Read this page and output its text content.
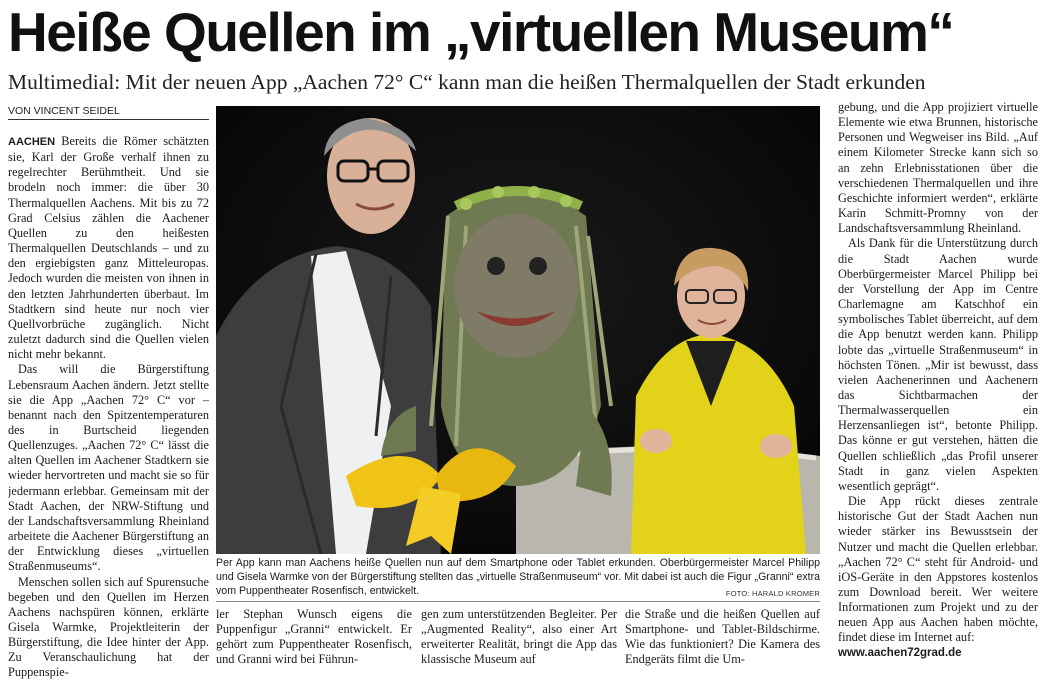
Heiße Quellen im „virtuellen Museum“
Multimedial: Mit der neuen App „Aachen 72° C“ kann man die heißen Thermalquellen der Stadt erkunden
VON VINCENT SEIDEL

AACHEN Bereits die Römer schätzten sie, Karl der Große verhalf ihnen zu regelrechter Berühmtheit. Und sie brodeln noch immer: die über 30 Thermalquellen Aachens. Mit bis zu 72 Grad Celsius zählen die Aachener Quellen zu den heißesten Thermalquellen Deutschlands – und zu den ergiebigsten ganz Mitteleuropas. Jedoch wurden die meisten von ihnen in den letzten Jahrhunderten überbaut. Im Stadtkern sind heute nur noch vier Quellvorbrüche zugänglich. Nicht zuletzt dadurch sind die Quellen vielen nicht mehr bekannt.

Das will die Bürgerstiftung Lebensraum Aachen ändern. Jetzt stellte sie die App „Aachen 72° C“ vor – benannt nach den Spitzentemperaturen des in Burtscheid liegenden Quellenzuges. „Aachen 72° C“ lässt die alten Quellen im Aachener Stadtkern sie wieder hervortreten und macht sie so für jedermann erlebbar. Gemeinsam mit der Stadt Aachen, der NRW-Stiftung und der Landschaftsversammlung Rheinland arbeitete die Aachener Bürgerstiftung an der Entwicklung dieses „virtuellen Straßenmuseums“.

Menschen sollen sich auf Spurensuche begeben und den Quellen im Herzen Aachens nachspüren können, erklärte Gisela Warmke, Projektleiterin der Bürgerstiftung, die Idee hinter der App. Zu Veranschaulichung hat der Puppenspie-

Per App kann man Aachens heiße Quellen nun auf dem Smartphone oder Tablet erkunden. Oberbürgermeister Marcel Philipp und Gisela Warmke von der Bürgerstiftung stellten das „virtuelle Straßenmuseum“ vor. Mit dabei ist auch die Figur „Granni“ extra vom Puppentheater Rosenfisch, entwickelt.	FOTO: HARALD KROMER

ler Stephan Wunsch eigens die Puppenfigur „Granni“ entwickelt. Er gehört zum Puppentheater Rosenfisch, und Granni wird bei Führun-

gen zum unterstützenden Begleiter. Per „Augmented Reality“, also einer Art erweiterter Realität, bringt die App das klassische Museum auf

die Straße und die heißen Quellen auf Smartphone- und Tablet-Bildschirme. Wie das funktioniert? Die Kamera des Endgeräts filmt die Um-

gebung, und die App projiziert virtuelle Elemente wie etwa Brunnen, historische Personen und Wegweiser ins Bild. „Auf einem Kilometer Strecke kann sich so an zehn Erlebnisstationen über die verschiedenen Thermalquellen und ihre Geschichte informiert werden“, erklärte Karin Schmitt-Promny von der Landschaftsversammlung Rheinland.

Als Dank für die Unterstützung durch die Stadt Aachen wurde Oberbürgermeister Marcel Philipp bei der Vorstellung der App im Centre Charlemagne am Katschhof ein symbolisches Tablet überreicht, auf dem die App benutzt werden kann. Philipp lobte das „virtuelle Straßenmuseum“ in höchsten Tönen. „Mir ist bewusst, dass vielen Aachenerinnen und Aachenern das Sichtbarmachen der Thermalwasserquellen ein Herzensanliegen ist“, betonte Philipp. Das könne er gut verstehen, hätten die Quellen schließlich „das Profil unserer Stadt in ganz vielen Aspekten wesentlich geprägt“.

Die App rückt dieses zentrale historische Gut der Stadt Aachen nun wieder stärker ins Bewusstsein der Nutzer und macht die Quellen erlebbar. „Aachen 72° C“ steht für Android- und iOS-Geräte in den Appstores kostenlos zum Download bereit. Wer weitere Informationen zum Projekt und zu der neuen App aus Aachen haben möchte, findet diese im Internet auf:

www.aachen72grad.de
